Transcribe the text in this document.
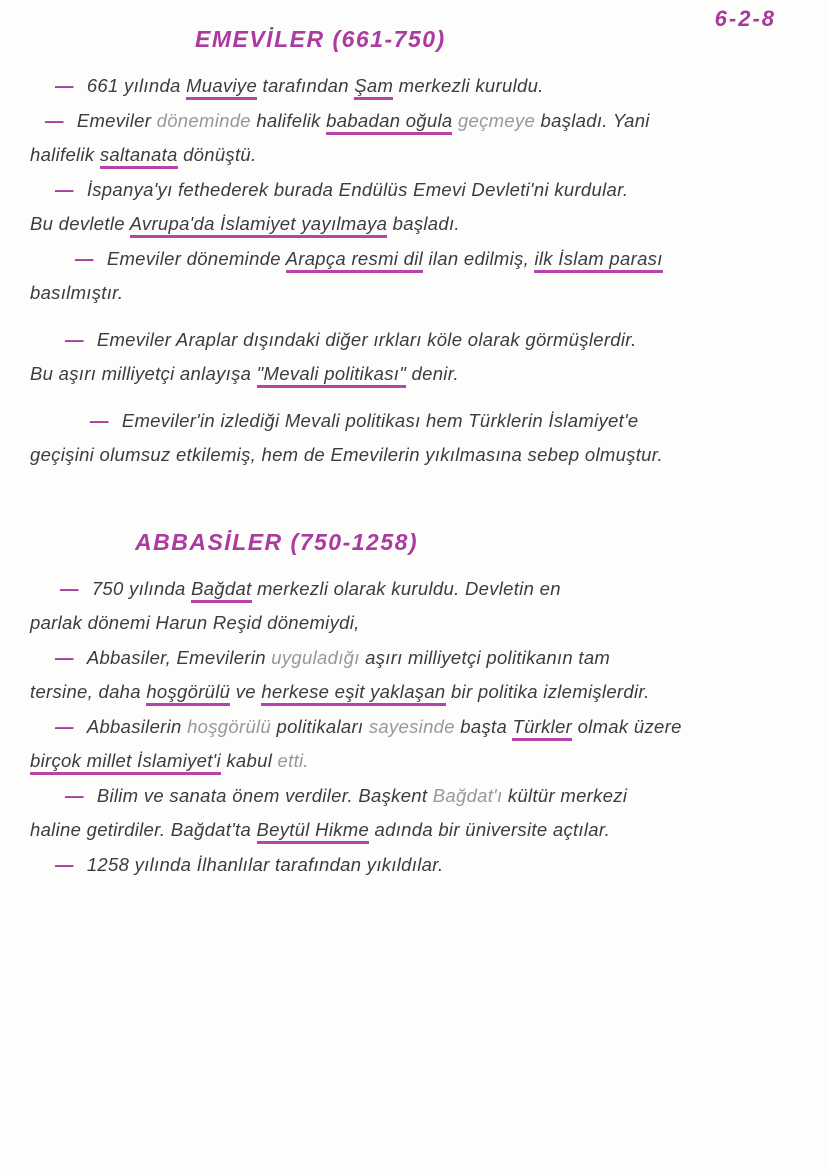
6-2-8
EMEVİLER (661-750)
— 661 yılında Muaviye tarafından Şam merkezli kuruldu.
— Emeviler döneminde halifelik babadan oğula geçmeye başladı. Yani
halifelik saltanata dönüştü.
— İspanya'yı fethederek burada Endülüs Emevi Devleti'ni kurdular.
Bu devletle Avrupa'da İslamiyet yayılmaya başladı.
— Emeviler döneminde Arapça resmi dil ilan edilmiş, ilk İslam parası
basılmıştır.
— Emeviler Araplar dışındaki diğer ırkları köle olarak görmüşlerdir.
Bu aşırı milliyetçi anlayışa "Mevali politikası" denir.
— Emeviler'in izlediği Mevali politikası hem Türklerin İslamiyet'e
geçişini olumsuz etkilemiş, hem de Emevilerin yıkılmasına sebep olmuştur.
ABBASİLER (750-1258)
— 750 yılında Bağdat merkezli olarak kuruldu. Devletin en
parlak dönemi Harun Reşid dönemiydi,
— Abbasiler, Emevilerin uyguladığı aşırı milliyetçi politikanın tam
tersine, daha hoşgörülü ve herkese eşit yaklaşan bir politika izlemişlerdir.
— Abbasilerin hoşgörülü politikaları sayesinde başta Türkler olmak üzere
birçok millet İslamiyet'i kabul etti.
— Bilim ve sanata önem verdiler. Başkent Bağdat'ı kültür merkezi
haline getirdiler. Bağdat'ta Beytül Hikme adında bir üniversite açtılar.
— 1258 yılında İlhanlılar tarafından yıkıldılar.
